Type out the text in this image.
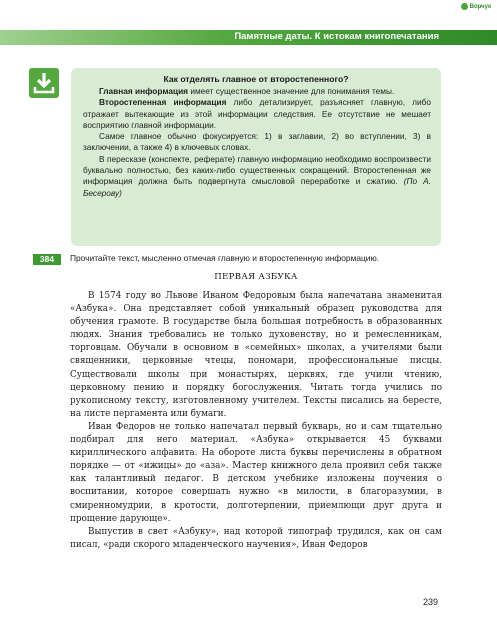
Ворчук
Памятные даты. К истокам книгопечатания
Как отделять главное от второстепенного?

Главная информация имеет существенное значение для понимания темы.

Второстепенная информация либо детализирует, разъясняет главную, либо отражает вытекающие из этой информации следствия. Ее отсутствие не мешает восприятию главной информации.

Самое главное обычно фокусируется: 1) в заглавии, 2) во вступлении, 3) в заключении, а также 4) в ключевых словах.

В пересказе (конспекте, реферате) главную информацию необходимо воспроизвести буквально полностью, без каких-либо существенных сокращений. Второстепенная же информация должна быть подвергнута смысловой переработке и сжатию. (По А. Бесерову)

384	Прочитайте текст, мысленно отмечая главную и второстепенную информацию.
ПЕРВАЯ АЗБУКА

В 1574 году во Львове Иваном Федоровым была напечатана знаменитая «Азбука». Она представляет собой уникальный образец руководства для обучения грамоте. В государстве была большая потребность в образованных людях. Знания требовались не только духовенству, но и ремесленникам, торговцам. Обучали в основном в «семейных» школах, а учителями были священники, церковные чтецы, пономари, профессиональные писцы. Существовали школы при монастырях, церквях, где учили чтению, церковному пению и порядку богослужения. Читать тогда учились по рукописному тексту, изготовленному учителем. Тексты писались на бересте, на листе пергамента или бумаги.

Иван Федоров не только напечатал первый букварь, но и сам тщательно подбирал для него материал. «Азбука» открывается 45 буквами кириллического алфавита. На обороте листа буквы перечислены в обратном порядке — от «ижицы» до «аза». Мастер книжного дела проявил себя также как талантливый педагог. В детском учебнике изложены поучения о воспитании, которое совершать нужно «в милости, в благоразумии, в смиренномудрии, в кротости, долготерпении, приемлющи друг друга и прощение дарующе».

Выпустив в свет «Азбуку», над которой типограф трудился, как он сам писал, «ради скорого младенческого научения», Иван Федоров

239
